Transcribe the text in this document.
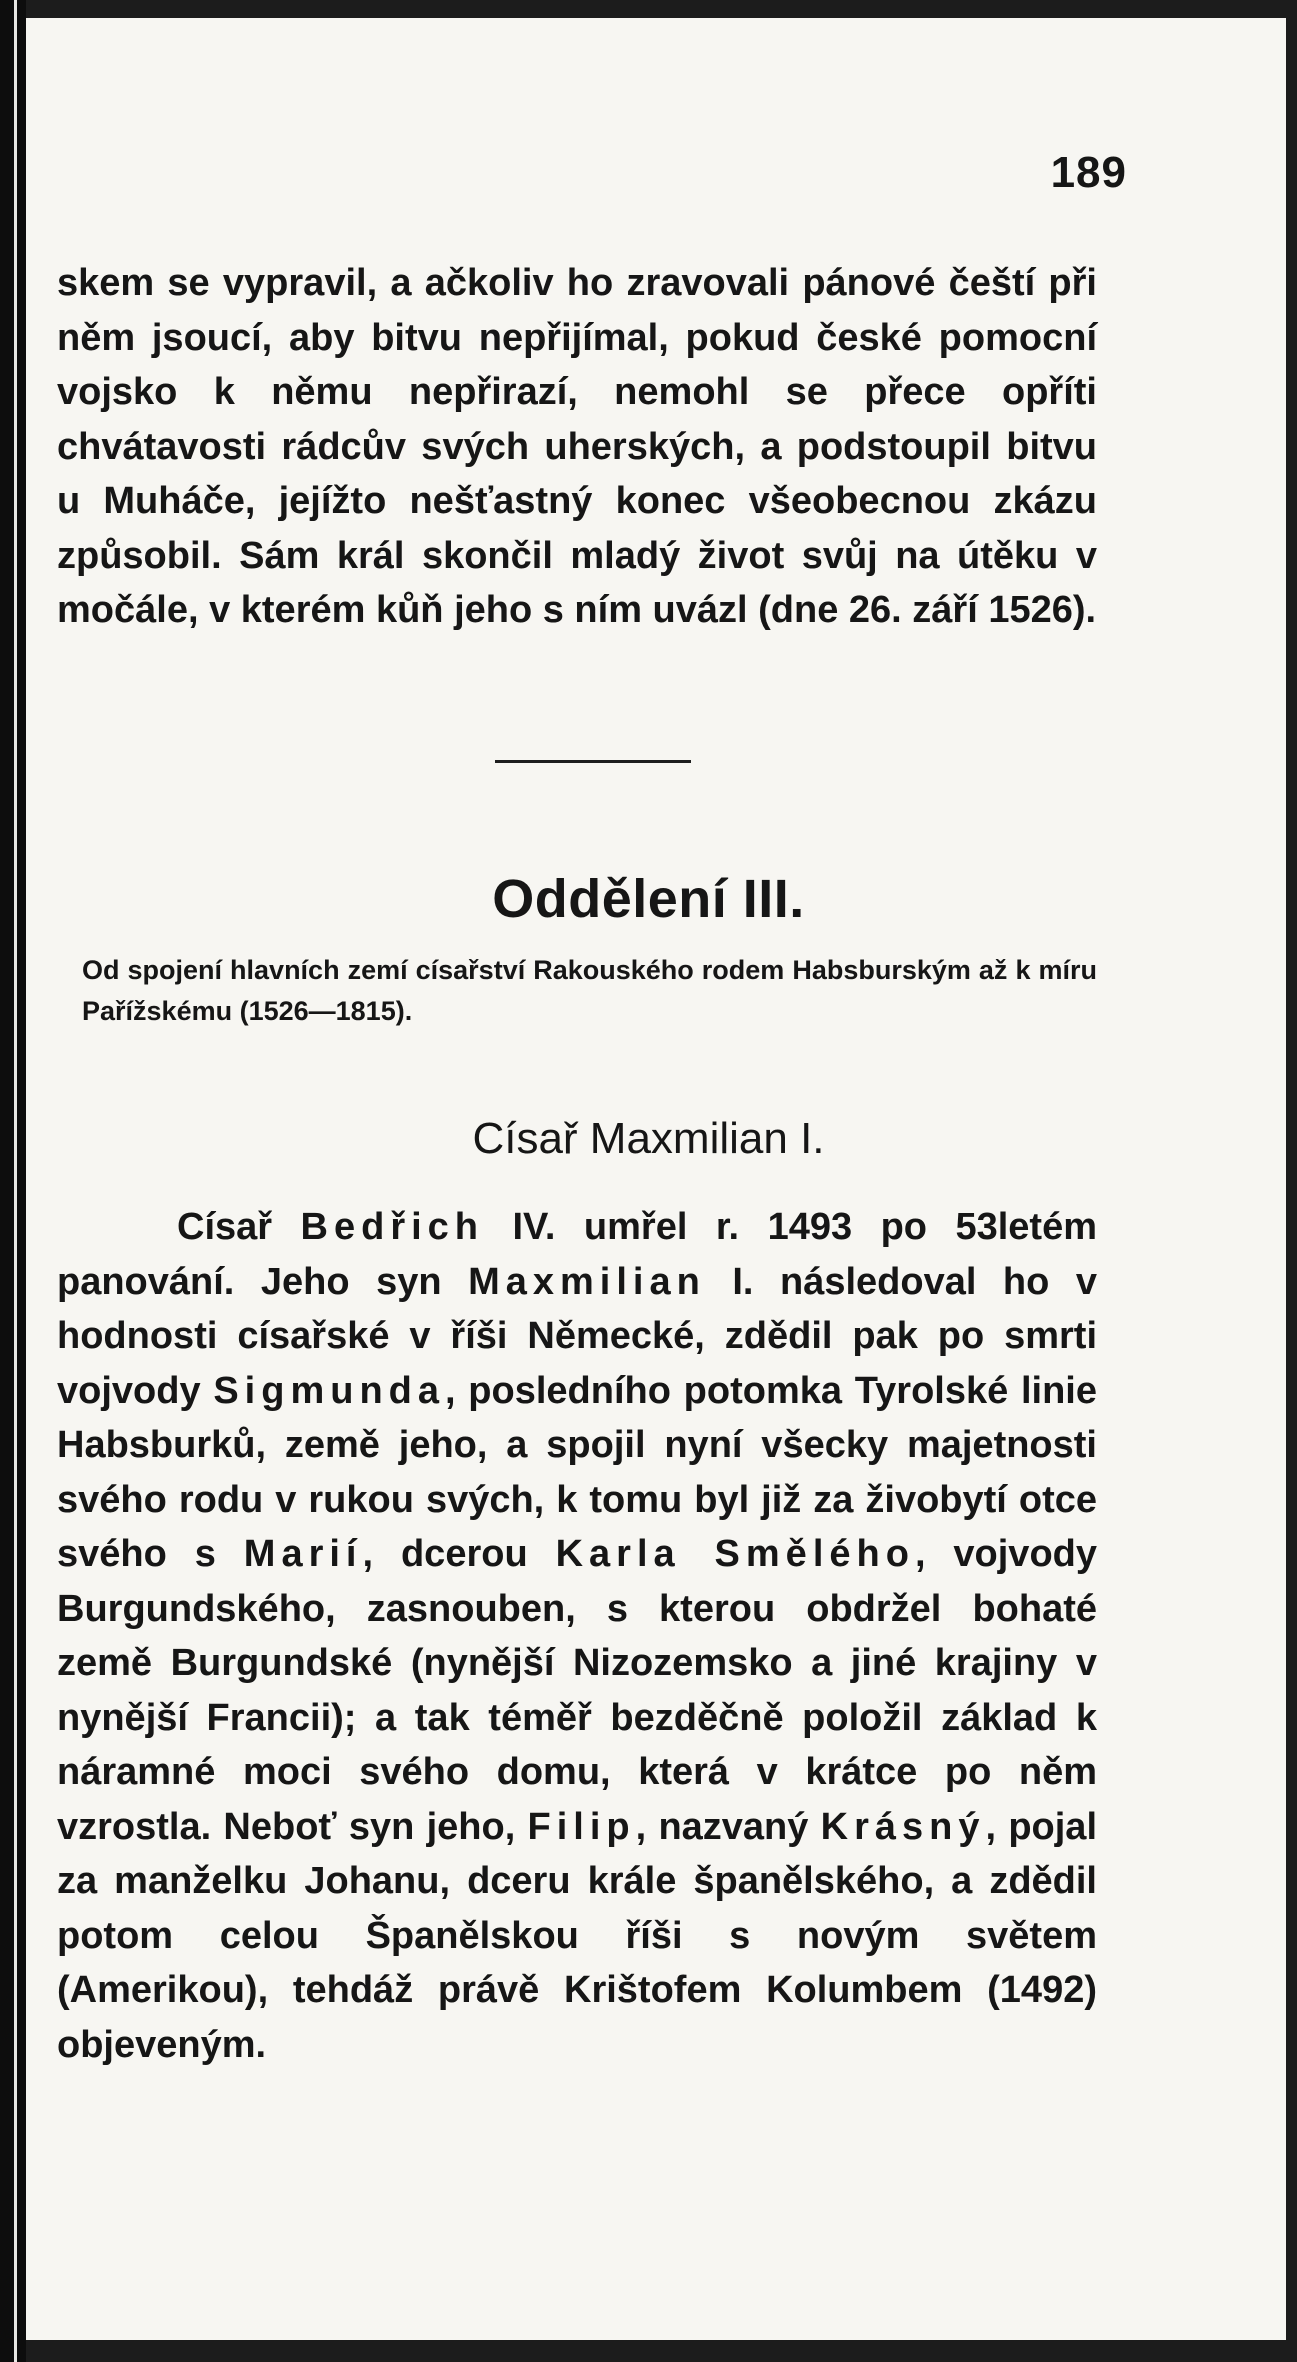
189

skem se vypravil, a ačkoliv ho zravovali pánové čeští při něm jsoucí, aby bitvu nepřijímal, pokud české pomocní vojsko k němu nepřirazí, nemohl se přece opříti chvátavosti rádcův svých uherských, a podstoupil bitvu u Muháče, jejížto nešťastný konec všeobecnou zkázu způsobil. Sám král skončil mladý život svůj na útěku v močále, v kterém kůň jeho s ním uvázl (dne 26. září 1526).

Oddělení III.

Od spojení hlavních zemí císařství Rakouského rodem Habsburským až k míru Pařížskému (1526—1815).

Císař Maxmilian I.

Císař Bedřich IV. umřel r. 1493 po 53letém panování. Jeho syn Maxmilian I. následoval ho v hodnosti císařské v říši Německé, zdědil pak po smrti vojvody Sigmunda, posledního potomka Tyrolské linie Habsburků, země jeho, a spojil nyní všecky majetnosti svého rodu v rukou svých, k tomu byl již za živobytí otce svého s Marií, dcerou Karla Smělého, vojvody Burgundského, zasnouben, s kterou obdržel bohaté země Burgundské (nynější Nizozemsko a jiné krajiny v nynější Francii); a tak téměř bezděčně položil základ k náramné moci svého domu, která v krátce po něm vzrostla. Neboť syn jeho, Filip, nazvaný Krásný, pojal za manželku Johanu, dceru krále španělského, a zdědil potom celou Španělskou říši s novým světem (Amerikou), tehdáž právě Krištofem Kolumbem (1492) objeveným.
